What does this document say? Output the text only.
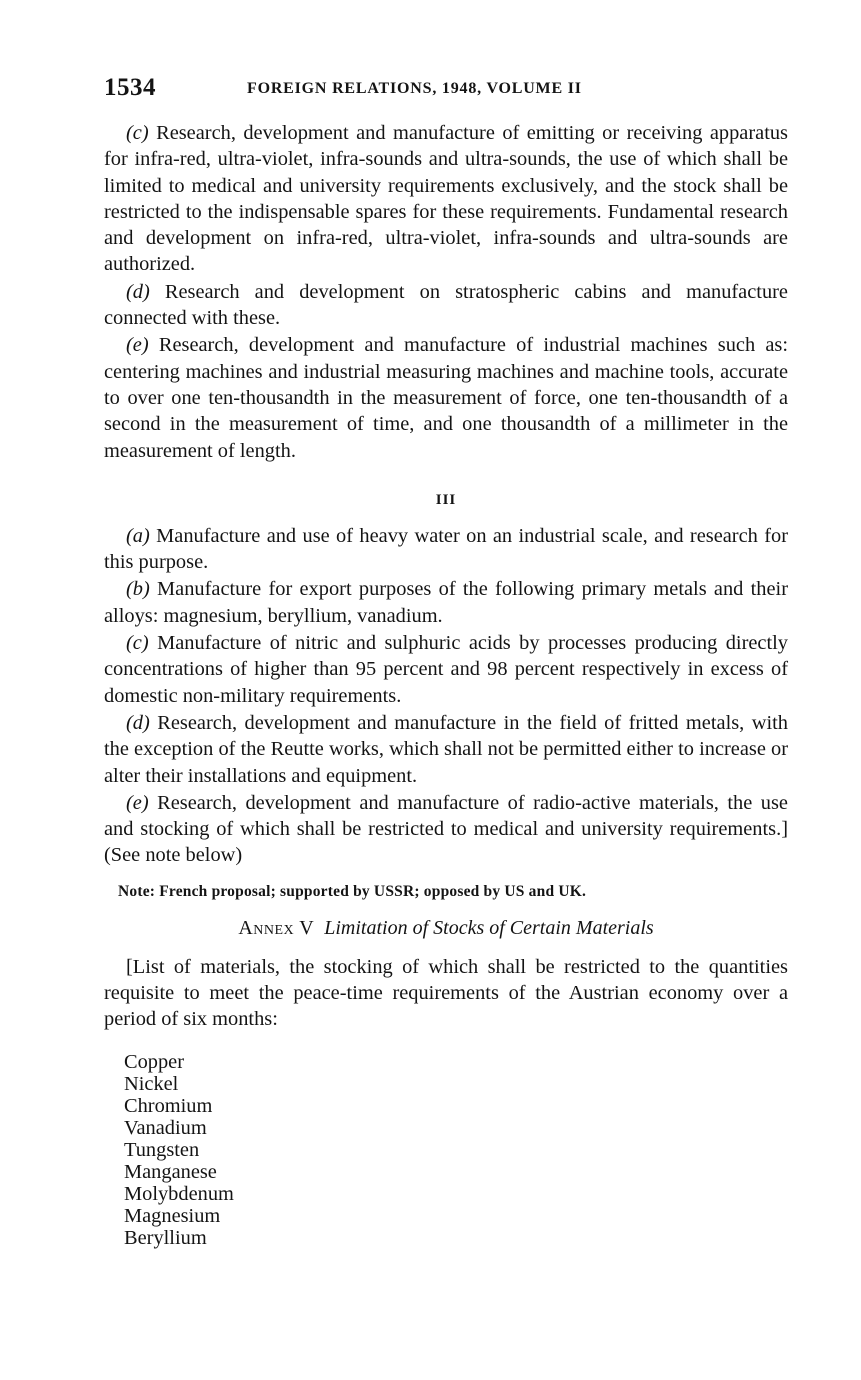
1534	FOREIGN RELATIONS, 1948, VOLUME II

(c) Research, development and manufacture of emitting or receiving apparatus for infra-red, ultra-violet, infra-sounds and ultra-sounds, the use of which shall be limited to medical and university requirements exclusively, and the stock shall be restricted to the indispensable spares for these requirements. Fundamental research and development on infra-red, ultra-violet, infra-sounds and ultra-sounds are authorized.

(d) Research and development on stratospheric cabins and manufacture connected with these.

(e) Research, development and manufacture of industrial machines such as: centering machines and industrial measuring machines and machine tools, accurate to over one ten-thousandth in the measurement of force, one ten-thousandth of a second in the measurement of time, and one thousandth of a millimeter in the measurement of length.

III

(a) Manufacture and use of heavy water on an industrial scale, and research for this purpose.

(b) Manufacture for export purposes of the following primary metals and their alloys: magnesium, beryllium, vanadium.

(c) Manufacture of nitric and sulphuric acids by processes producing directly concentrations of higher than 95 percent and 98 percent respectively in excess of domestic non-military requirements.

(d) Research, development and manufacture in the field of fritted metals, with the exception of the Reutte works, which shall not be permitted either to increase or alter their installations and equipment.

(e) Research, development and manufacture of radio-active materials, the use and stocking of which shall be restricted to medical and university requirements.] (See note below)

Note: French proposal; supported by USSR; opposed by US and UK.
Annex V Limitation of Stocks of Certain Materials

[List of materials, the stocking of which shall be restricted to the quantities requisite to meet the peace-time requirements of the Austrian economy over a period of six months:

Copper
Nickel
Chromium
Vanadium
Tungsten
Manganese
Molybdenum
Magnesium
Beryllium
